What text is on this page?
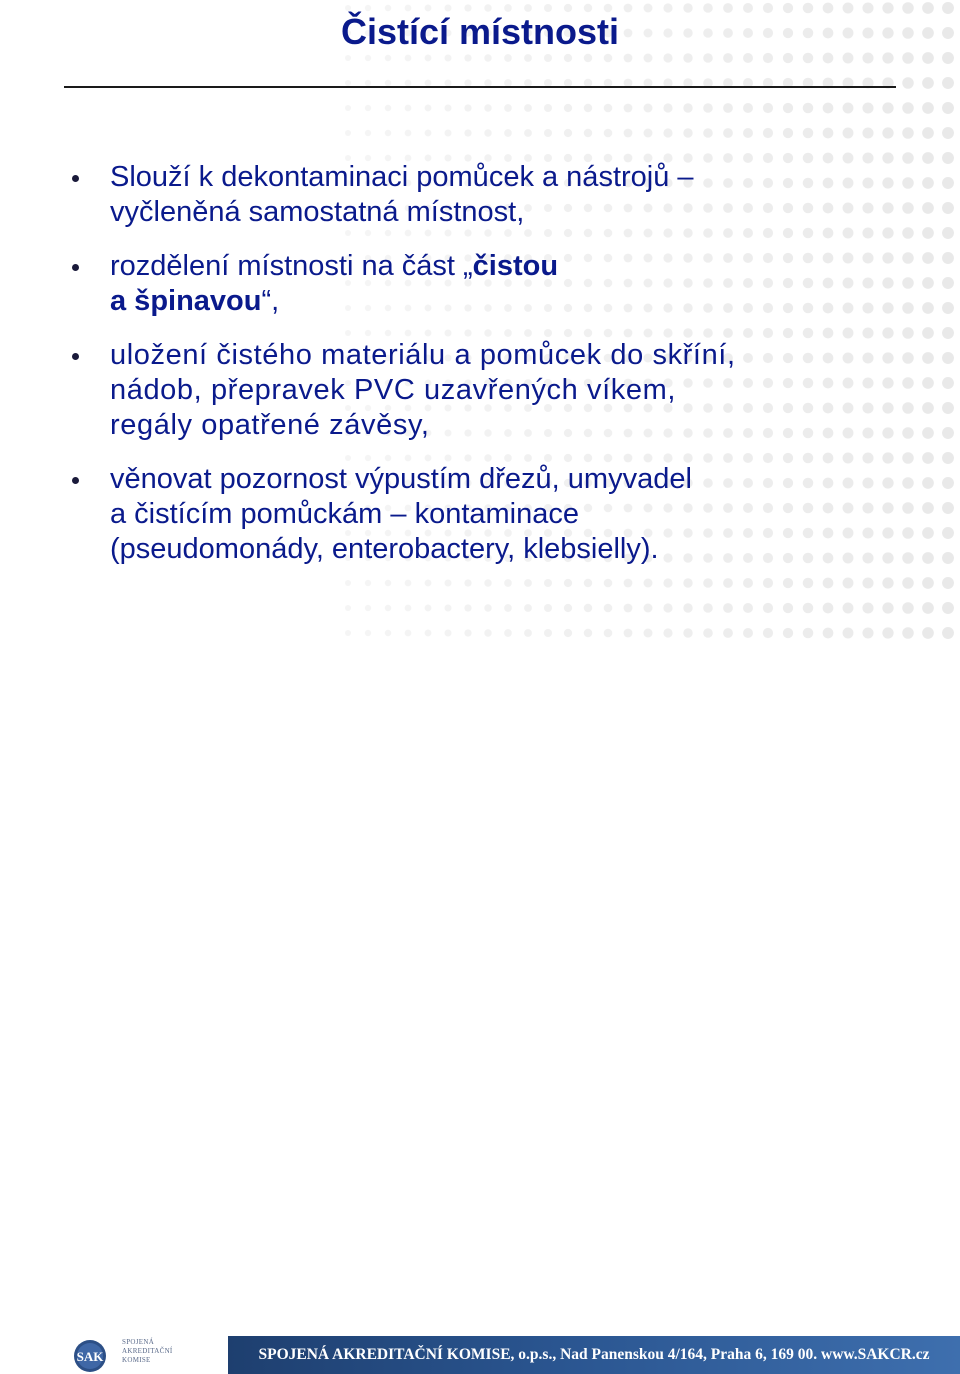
Čistící místnosti
Slouží k dekontaminaci pomůcek a nástrojů –
vyčleněná samostatná místnost,
rozdělení místnosti na část „čistou
a špinavou“,
uložení čistého materiálu a pomůcek do skříní,
nádob, přepravek PVC uzavřených víkem,
regály opatřené závěsy,
věnovat pozornost výpustím dřezů, umyvadel
a čistícím pomůckám – kontaminace
(pseudomonády, enterobactery, klebsielly).
SAK
SPOJENÁ
AKREDITAČNÍ
KOMISE	SPOJENÁ AKREDITAČNÍ KOMISE, o.p.s., Nad Panenskou 4/164, Praha 6, 169 00. www.SAKCR.cz
